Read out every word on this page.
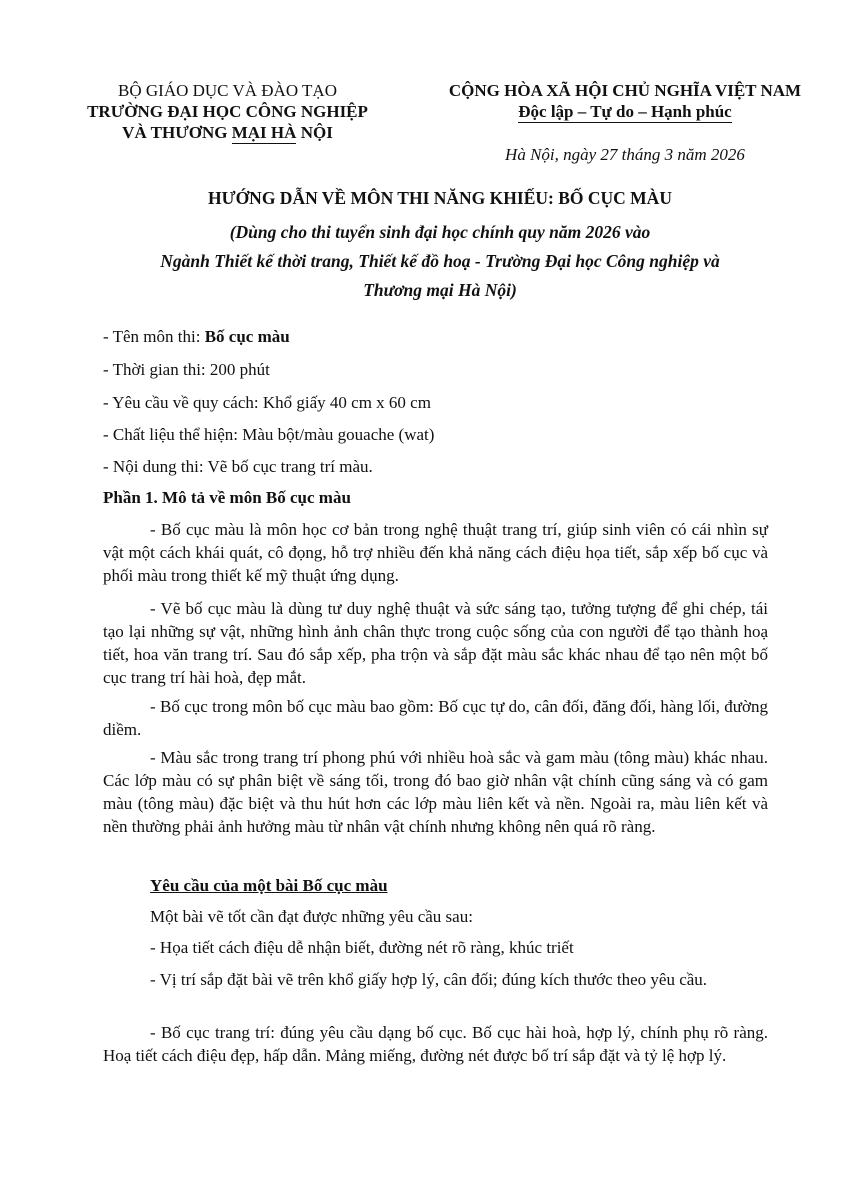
BỘ GIÁO DỤC VÀ ĐÀO TẠO
TRƯỜNG ĐẠI HỌC CÔNG NGHIỆP
VÀ THƯƠNG MẠI HÀ NỘI
CỘNG HÒA XÃ HỘI CHỦ NGHĨA VIỆT NAM
Độc lập – Tự do – Hạnh phúc
Hà Nội, ngày 27 tháng 3 năm 2026
HƯỚNG DẪN VỀ MÔN THI NĂNG KHIẾU: BỐ CỤC MÀU
(Dùng cho thi tuyển sinh đại học chính quy năm 2026 vào
Ngành Thiết kế thời trang, Thiết kế đồ hoạ - Trường Đại học Công nghiệp và
Thương mại Hà Nội)
- Tên môn thi: Bố cục màu
- Thời gian thi: 200 phút
- Yêu cầu về quy cách: Khổ giấy 40 cm x 60 cm
- Chất liệu thể hiện: Màu bột/màu gouache (wat)
- Nội dung thi: Vẽ bố cục trang trí màu.
Phần 1. Mô tả về môn Bố cục màu
- Bố cục màu là môn học cơ bản trong nghệ thuật trang trí, giúp sinh viên có cái nhìn sự vật một cách khái quát, cô đọng, hỗ trợ nhiều đến khả năng cách điệu họa tiết, sắp xếp bố cục và phối màu trong thiết kế mỹ thuật ứng dụng.
- Vẽ bố cục màu là dùng tư duy nghệ thuật và sức sáng tạo, tưởng tượng để ghi chép, tái tạo lại những sự vật, những hình ảnh chân thực trong cuộc sống của con người để tạo thành hoạ tiết, hoa văn trang trí. Sau đó sắp xếp, pha trộn và sắp đặt màu sắc khác nhau để tạo nên một bố cục trang trí hài hoà, đẹp mắt.
- Bố cục trong môn bố cục màu bao gồm: Bố cục tự do, cân đối, đăng đối, hàng lối, đường diềm.
- Màu sắc trong trang trí phong phú với nhiều hoà sắc và gam màu (tông màu) khác nhau. Các lớp màu có sự phân biệt về sáng tối, trong đó bao giờ nhân vật chính cũng sáng và có gam màu (tông màu) đặc biệt và thu hút hơn các lớp màu liên kết và nền. Ngoài ra, màu liên kết và nền thường phải ảnh hưởng màu từ nhân vật chính nhưng không nên quá rõ ràng.
Yêu cầu của một bài Bố cục màu
Một bài vẽ tốt cần đạt được những yêu cầu sau:
- Họa tiết cách điệu dễ nhận biết, đường nét rõ ràng, khúc triết
- Vị trí sắp đặt bài vẽ trên khổ giấy hợp lý, cân đối; đúng kích thước theo yêu cầu.
- Bố cục trang trí: đúng yêu cầu dạng bố cục. Bố cục hài hoà, hợp lý, chính phụ rõ ràng. Hoạ tiết cách điệu đẹp, hấp dẫn. Mảng miếng, đường nét được bố trí sắp đặt và tỷ lệ hợp lý.
